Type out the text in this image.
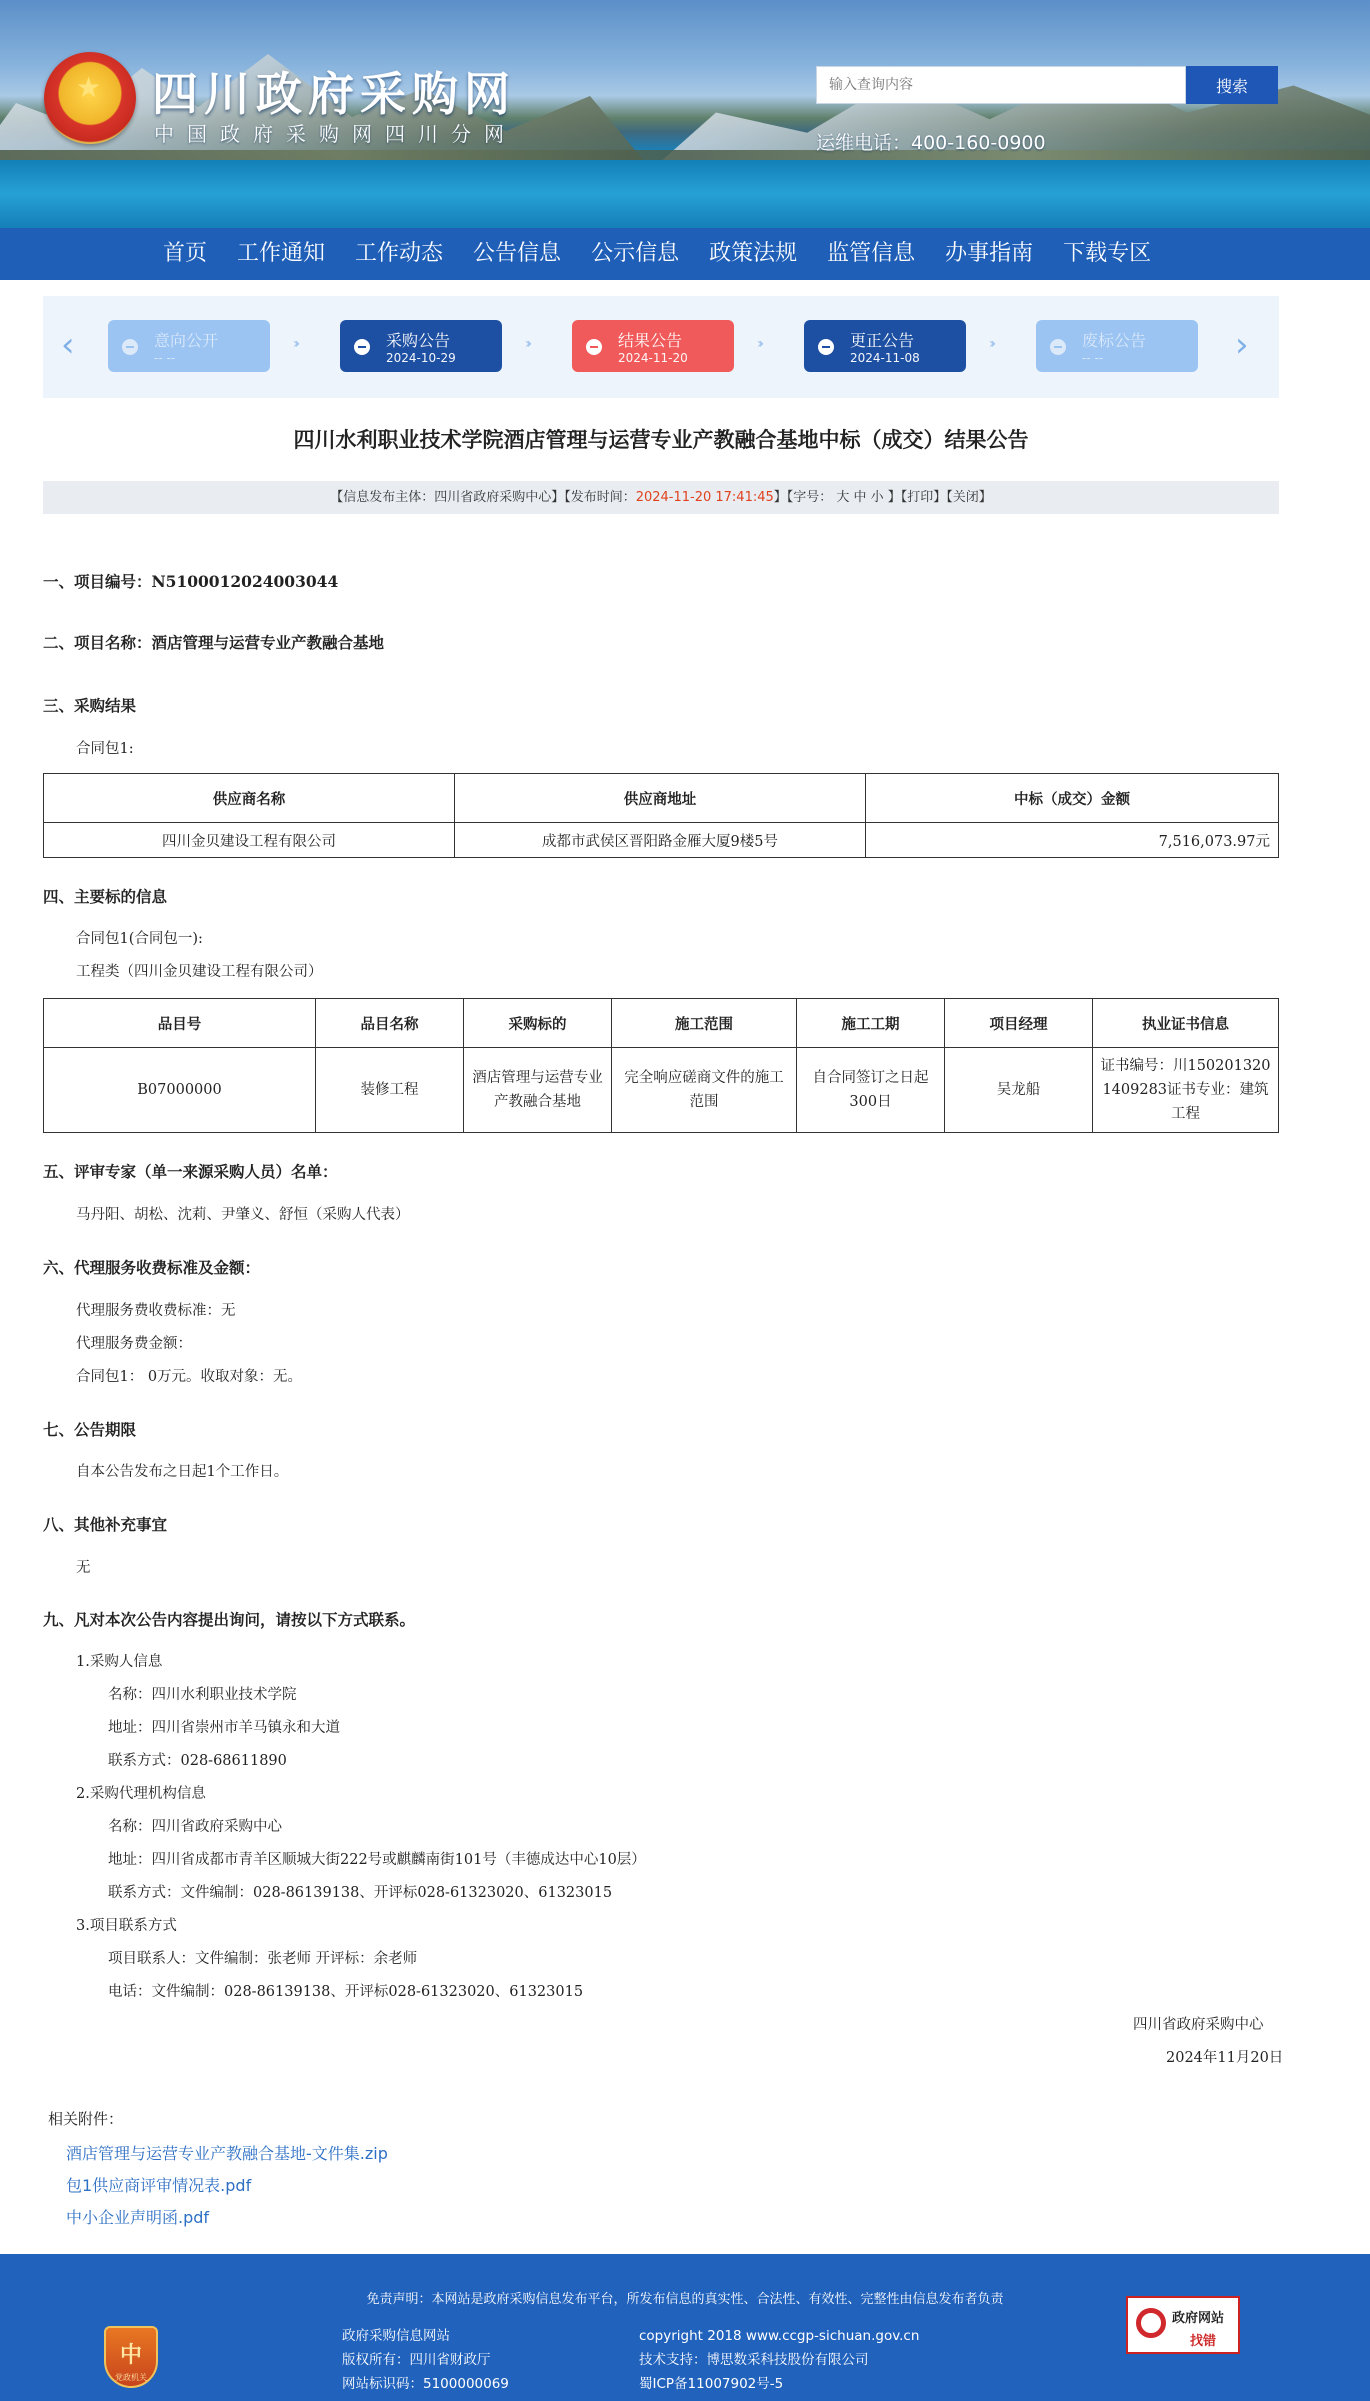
★ 四川政府采购网
中国政府采购网四川分网
输入查询内容
搜索
运维电话：400-160-0900
首页	工作通知	工作动态	公告信息	公示信息	政策法规	监管信息	办事指南	下载专区
‹	意向公开
-- --
››	采购公告
2024-10-29
››	结果公告
2024-11-20
››	更正公告
2024-11-08
››	废标公告
-- --	›
四川水利职业技术学院酒店管理与运营专业产教融合基地中标（成交）结果公告
【信息发布主体：四川省政府采购中心】【发布时间：2024-11-20 17:41:45】【字号： 大 中 小 】【打印】【关闭】
一、项目编号：N5100012024003044
二、项目名称：酒店管理与运营专业产教融合基地
三、采购结果
合同包1:
供应商名称	供应商地址	中标（成交）金额
四川金贝建设工程有限公司	成都市武侯区晋阳路金雁大厦9楼5号	7,516,073.97元
四、主要标的信息
合同包1(合同包一):
工程类（四川金贝建设工程有限公司）
品目号	品目名称	采购标的	施工范围	施工工期	项目经理	执业证书信息
B07000000	装修工程	酒店管理与运营专业产教融合基地	完全响应磋商文件的施工范围	自合同签订之日起300日	吴龙船	证书编号：川1502013201409283证书专业：建筑工程
五、评审专家（单一来源采购人员）名单：
马丹阳、胡松、沈莉、尹肇义、舒恒（采购人代表）
六、代理服务收费标准及金额：
代理服务费收费标准：无
代理服务费金额：
合同包1： 0万元。收取对象：无。
七、公告期限
自本公告发布之日起1个工作日。
八、其他补充事宜
无
九、凡对本次公告内容提出询问，请按以下方式联系。
1.采购人信息
名称：四川水利职业技术学院
地址：四川省崇州市羊马镇永和大道
联系方式：028-68611890
2.采购代理机构信息
名称：四川省政府采购中心
地址：四川省成都市青羊区顺城大街222号或麒麟南街101号（丰德成达中心10层）
联系方式：文件编制：028-86139138、开评标028-61323020、61323015
3.项目联系方式
项目联系人：文件编制：张老师 开评标：余老师
电话：文件编制：028-86139138、开评标028-61323020、61323015
四川省政府采购中心
2024年11月20日
相关附件：
酒店管理与运营专业产教融合基地-文件集.zip
包1供应商评审情况表.pdf
中小企业声明函.pdf
免责声明：本网站是政府采购信息发布平台，所发布信息的真实性、合法性、有效性、完整性由信息发布者负责
中
党政机关
政府采购信息网站
版权所有：四川省财政厅
网站标识码：5100000069
copyright 2018 www.ccgp-sichuan.gov.cn
技术支持：博思数采科技股份有限公司
蜀ICP备11007902号-5
政府网站
找错
